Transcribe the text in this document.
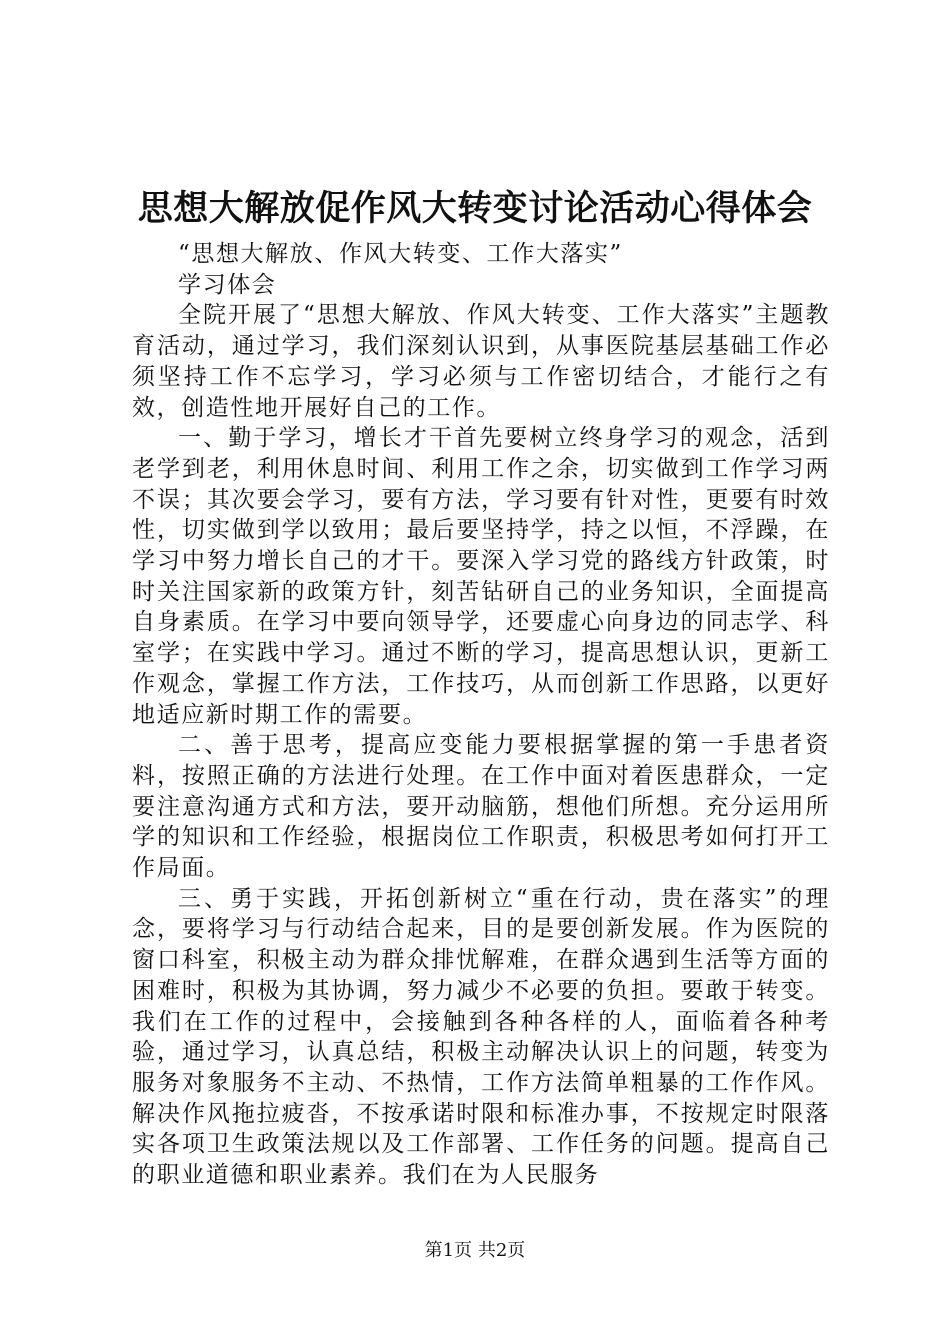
思想大解放促作风大转变讨论活动心得体会

“思想大解放、作风大转变、工作大落实”

学习体会

全院开展了“思想大解放、作风大转变、工作大落实”主题教育活动，通过学习，我们深刻认识到，从事医院基层基础工作必须坚持工作不忘学习，学习必须与工作密切结合，才能行之有效，创造性地开展好自己的工作。

一、勤于学习，增长才干首先要树立终身学习的观念，活到老学到老，利用休息时间、利用工作之余，切实做到工作学习两不误；其次要会学习，要有方法，学习要有针对性，更要有时效性，切实做到学以致用；最后要坚持学，持之以恒，不浮躁，在学习中努力增长自己的才干。要深入学习党的路线方针政策，时时关注国家新的政策方针，刻苦钻研自己的业务知识，全面提高自身素质。在学习中要向领导学，还要虚心向身边的同志学、科室学；在实践中学习。通过不断的学习，提高思想认识，更新工作观念，掌握工作方法，工作技巧，从而创新工作思路，以更好地适应新时期工作的需要。

二、善于思考，提高应变能力要根据掌握的第一手患者资料，按照正确的方法进行处理。在工作中面对着医患群众，一定要注意沟通方式和方法，要开动脑筋，想他们所想。充分运用所学的知识和工作经验，根据岗位工作职责，积极思考如何打开工作局面。

三、勇于实践，开拓创新树立“重在行动，贵在落实”的理念，要将学习与行动结合起来，目的是要创新发展。作为医院的窗口科室，积极主动为群众排忧解难，在群众遇到生活等方面的困难时，积极为其协调，努力减少不必要的负担。要敢于转变。我们在工作的过程中，会接触到各种各样的人，面临着各种考验，通过学习，认真总结，积极主动解决认识上的问题，转变为服务对象服务不主动、不热情，工作方法简单粗暴的工作作风。解决作风拖拉疲沓，不按承诺时限和标准办事，不按规定时限落实各项卫生政策法规以及工作部署、工作任务的问题。提高自己的职业道德和职业素养。我们在为人民服务

第1页 共2页
